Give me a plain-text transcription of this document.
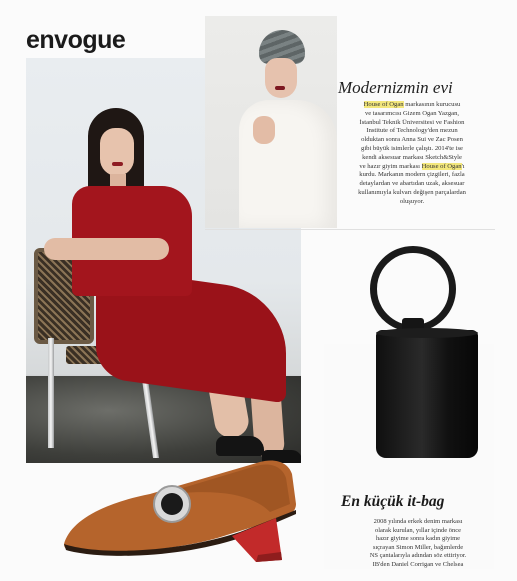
envogue
Modernizmin evi

House of Ogan markasının kurucusu
ve tasarımcısı Gizem Ogan Yazgan,
İstanbul Teknik Üniversitesi ve Fashion
Institute of Technology'den mezun
olduktan sonra Anna Sui ve Zac Posen
gibi büyük isimlerle çalıştı. 2014'te ise
kendi aksesuar markası Sketch&Style
ve hazır giyim markası House of Ogan'ı
kurdu. Markanın modern çizgileri, fazla
detaylardan ve abartıdan uzak, aksesuar
kullanımıyla kulvarı değişen parçalardan
oluşuyor.

En küçük it-bag

2008 yılında erkek denim markası
olarak kurulan, yıllar içinde önce
hazır giyime sonra kadın giyime
sıçrayan Simon Miller, bağımlerde
NS çantalarıyla adından söz ettiriyor.
IB'den Daniel Corrigan ve Chelsea
